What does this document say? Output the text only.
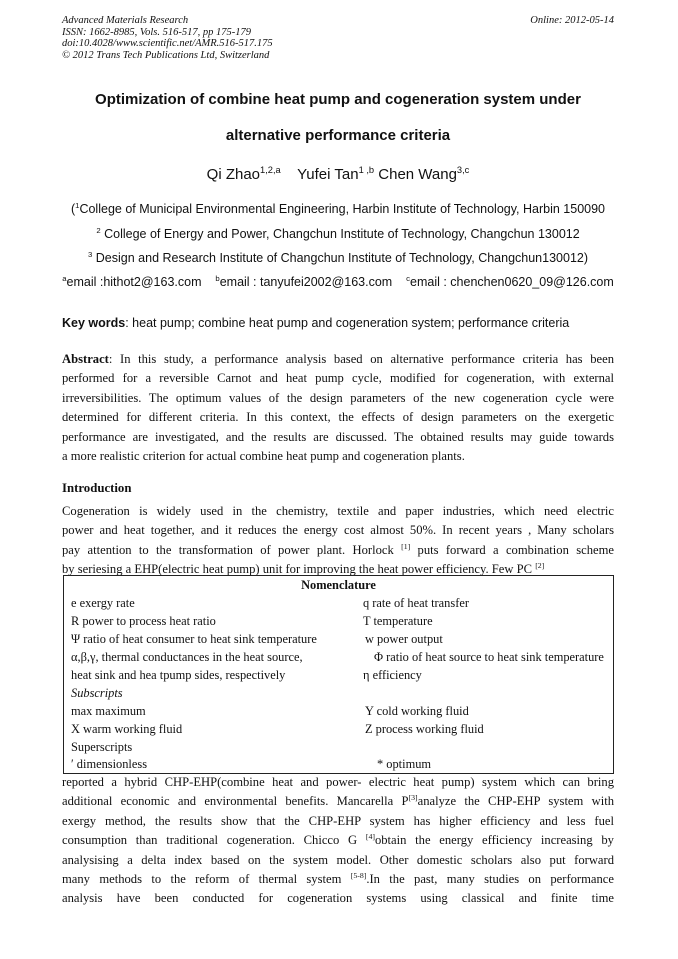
Advanced Materials Research
ISSN: 1662-8985, Vols. 516-517, pp 175-179
doi:10.4028/www.scientific.net/AMR.516-517.175
© 2012 Trans Tech Publications Ltd, Switzerland
Online: 2012-05-14
Optimization of combine heat pump and cogeneration system under
alternative performance criteria
Qi Zhao$^{1,2,a}$ Yufei Tan$^{1 ,b}$ Chen Wang$^{3,c}$
($^1$College of Municipal Environmental Engineering, Harbin Institute of Technology, Harbin 150090
$^2$ College of Energy and Power, Changchun Institute of Technology, Changchun 130012
$^3$ Design and Research Institute of Changchun Institute of Technology, Changchun130012)
$^a$email :hithot2@163.com $^b$email : tanyufei2002@163.com $^c$email : chenchen0620_09@126.com
Key words: heat pump; combine heat pump and cogeneration system; performance criteria
Abstract: In this study, a performance analysis based on alternative performance criteria has been
performed for a reversible Carnot and heat pump cycle, modified for cogeneration, with external
irreversibilities. The optimum values of the design parameters of the new cogeneration cycle were
determined for different criteria. In this context, the effects of design parameters on the exergetic
performance are investigated, and the results are discussed. The obtained results may guide towards
a more realistic criterion for actual combine heat pump and cogeneration plants.
Introduction
Cogeneration is widely used in the chemistry, textile and paper industries, which need electric
power and heat together, and it reduces the energy cost almost 50%. In recent years , Many scholars
pay attention to the transformation of power plant. Horlock [1] puts forward a combination scheme
by seriesing a EHP(electric heat pump) unit for improving the heat power efficiency. Few PC [2]
Nomenclature
e exergy rate	q rate of heat transfer
R power to process heat ratio	T temperature
Ψ ratio of heat consumer to heat sink temperature	w power output
α,β,γ, thermal conductances in the heat source,	Φ ratio of heat source to heat sink temperature
heat sink and hea tpump sides, respectively	η efficiency
Subscripts
max maximum	Y cold working fluid
X warm working fluid	Z process working fluid
Superscripts
′ dimensionless	* optimum
reported a hybrid CHP-EHP(combine heat and power- electric heat pump) system which can bring
additional economic and environmental benefits. Mancarella P[3]analyze the CHP-EHP system with
exergy method, the results show that the CHP-EHP system has higher efficiency and less fuel
consumption than traditional cogeneration. Chicco G [4]obtain the energy efficiency increasing by
analysising a delta index based on the system model. Other domestic scholars also put forward
many methods to the reform of thermal system [5-8].In the past, many studies on performance
analysis have been conducted for cogeneration systems using classical and finite time
